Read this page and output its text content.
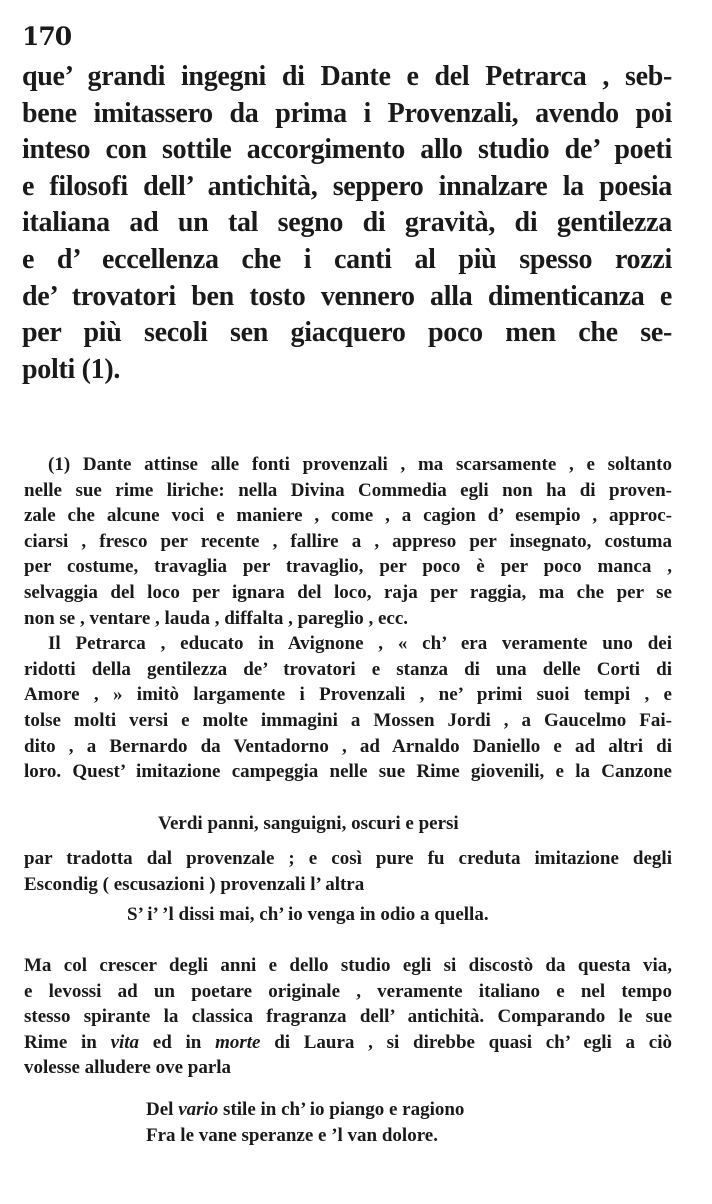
170
que’ grandi ingegni di Dante e del Petrarca , seb-
bene imitassero da prima i Provenzali, avendo poi
inteso con sottile accorgimento allo studio de’ poeti
e filosofi dell’ antichità, seppero innalzare la poesia
italiana ad un tal segno di gravità, di gentilezza
e d’ eccellenza che i canti al più spesso rozzi
de’ trovatori ben tosto vennero alla dimenticanza e
per più secoli sen giacquero poco men che se-
polti (1).
(1) Dante attinse alle fonti provenzali , ma scarsamente , e soltanto
nelle sue rime liriche: nella Divina Commedia egli non ha di proven-
zale che alcune voci e maniere , come , a cagion d’ esempio , approc-
ciarsi , fresco per recente , fallire a , appreso per insegnato, costuma
per costume, travaglia per travaglio, per poco è per poco manca ,
selvaggia del loco per ignara del loco, raja per raggia, ma che per se
non se , ventare , lauda , diffalta , pareglio , ecc.
Il Petrarca , educato in Avignone , « ch’ era veramente uno dei
ridotti della gentilezza de’ trovatori e stanza di una delle Corti di
Amore , » imitò largamente i Provenzali , ne’ primi suoi tempi , e
tolse molti versi e molte immagini a Mossen Jordi , a Gaucelmo Fai-
dito , a Bernardo da Ventadorno , ad Arnaldo Daniello e ad altri di
loro. Quest’ imitazione campeggia nelle sue Rime giovenili, e la Canzone
Verdi panni, sanguigni, oscuri e persi
par tradotta dal provenzale ; e così pure fu creduta imitazione degli
Escondig ( escusazioni ) provenzali l’ altra
S’ i’ ’l dissi mai, ch’ io venga in odio a quella.
Ma col crescer degli anni e dello studio egli si discostò da questa via,
e levossi ad un poetare originale , veramente italiano e nel tempo
stesso spirante la classica fragranza dell’ antichità. Comparando le sue
Rime in vita ed in morte di Laura , si direbbe quasi ch’ egli a ciò
volesse alludere ove parla
Del vario stile in ch’ io piango e ragiono
Fra le vane speranze e ’l van dolore.
